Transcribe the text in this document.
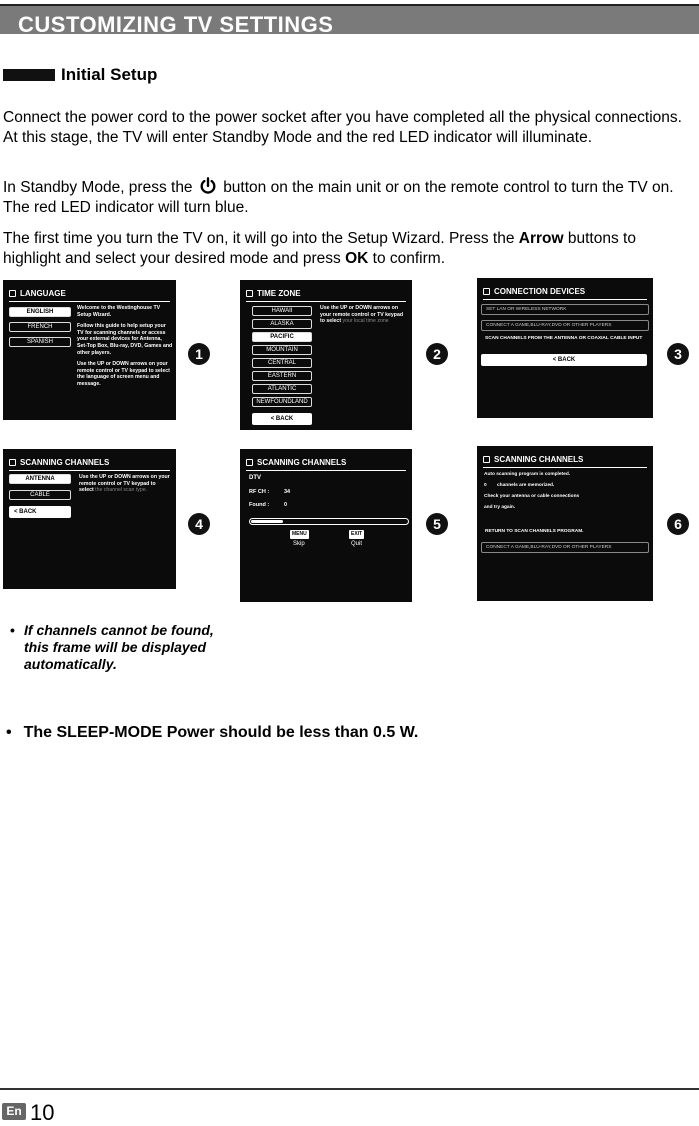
CUSTOMIZING TV SETTINGS
Initial Setup

Connect the power cord to the power socket after you have completed all the physical connections. At this stage, the TV will enter Standby Mode and the red LED indicator will illuminate.

In Standby Mode, press the button on the main unit or on the remote control to turn the TV on. The red LED indicator will turn blue.

The first time you turn the TV on, it will go into the Setup Wizard. Press the Arrow buttons to highlight and select your desired mode and press OK to confirm.

LANGUAGE
ENGLISH
FRENCH
SPANISH
Welcome to the Westinghouse TV Setup Wizard.
Follow this guide to help setup your TV for scanning channels or access your external devices for Antenna, Set-Top Box, Blu-ray, DVD, Games and other players.
Use the UP or DOWN arrows on your remote control or TV keypad to select the language of screen menu and message.
1
TIME ZONE
HAWAII
ALASKA
PACIFIC
MOUNTAIN
CENTRAL
EASTERN
ATLANTIC
NEWFOUNDLAND
< BACK
Use the UP or DOWN arrows on your remote control or TV keypad to select your local time zone
2
CONNECTION DEVICES
SET LAN OR WIRELESS NETWORK
CONNECT A GAME,BLU-RAY,DVD OR OTHER PLAYERS
SCAN CHANNELS FROM THE ANTENNA OR COAXIAL CABLE INPUT
< BACK	3
SCANNING CHANNELS
ANTENNA
CABLE
< BACK
Use the UP or DOWN arrows on your remote control or TV keypad to select the channel scan type.
4
SCANNING CHANNELS
DTV
RF CH :	34
Found :	0
MENU
Skip
EXIT
Quit
5
SCANNING CHANNELS
Auto scanning program is completed.
0 channels are memorized.
Check your antenna or cable connections
and try again.
RETURN TO SCAN CHANNELS PROGRAM.
CONNECT A GAME,BLU-RAY,DVD OR OTHER PLAYERS
6
• If channels cannot be found, this frame will be displayed automatically.
• The SLEEP-MODE Power should be less than 0.5 W.
En 10
